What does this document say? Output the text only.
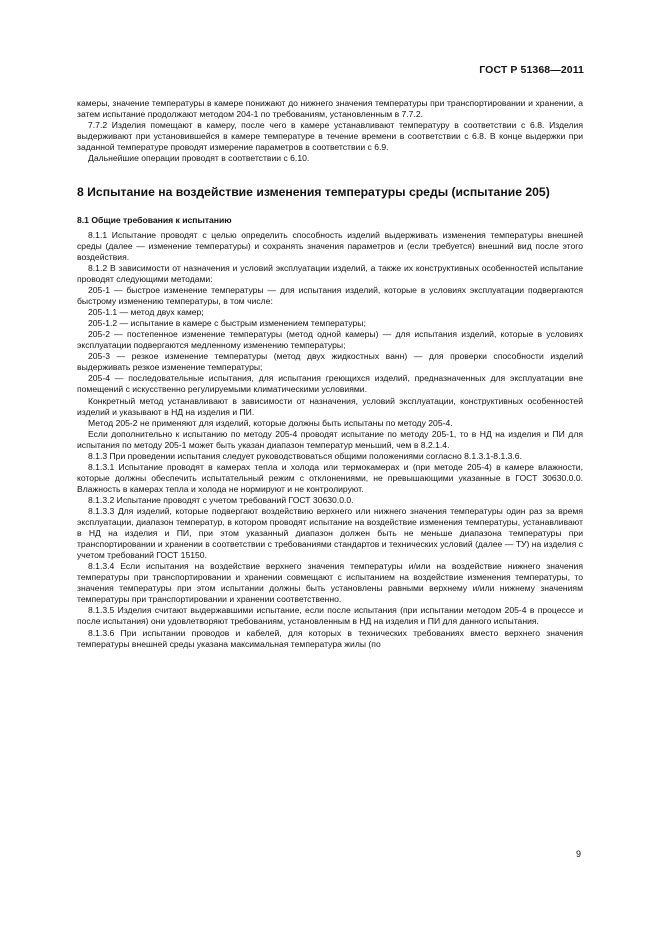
ГОСТ Р 51368—2011

камеры, значение температуры в камере понижают до нижнего значения температуры при транспортировании и хранении, а затем испытание продолжают методом 204-1 по требованиям, установленным в 7.7.2.

7.7.2 Изделия помещают в камеру, после чего в камере устанавливают температуру в соответствии с 6.8. Изделия выдерживают при установившейся в камере температуре в течение времени в соответствии с 6.8. В конце выдержки при заданной температуре проводят измерение параметров в соответствии с 6.9.

Дальнейшие операции проводят в соответствии с 6.10.

8 Испытание на воздействие изменения температуры среды (испытание 205)

8.1 Общие требования к испытанию

8.1.1 Испытание проводят с целью определить способность изделий выдерживать изменения температуры внешней среды (далее — изменение температуры) и сохранять значения параметров и (если требуется) внешний вид после этого воздействия.

8.1.2 В зависимости от назначения и условий эксплуатации изделий, а также их конструктивных особенностей испытание проводят следующими методами:

205-1 — быстрое изменение температуры — для испытания изделий, которые в условиях эксплуатации подвергаются быстрому изменению температуры, в том числе:

205-1.1 — метод двух камер;

205-1.2 — испытание в камере с быстрым изменением температуры;

205-2 — постепенное изменение температуры (метод одной камеры) — для испытания изделий, которые в условиях эксплуатации подвергаются медленному изменению температуры;

205-3 — резкое изменение температуры (метод двух жидкостных ванн) — для проверки способности изделий выдерживать резкое изменение температуры;

205-4 — последовательные испытания, для испытания греющихся изделий, предназначенных для эксплуатации вне помещений с искусственно регулируемыми климатическими условиями.

Конкретный метод устанавливают в зависимости от назначения, условий эксплуатации, конструктивных особенностей изделий и указывают в НД на изделия и ПИ.

Метод 205-2 не применяют для изделий, которые должны быть испытаны по методу 205-4.

Если дополнительно к испытанию по методу 205-4 проводят испытание по методу 205-1, то в НД на изделия и ПИ для испытания по методу 205-1 может быть указан диапазон температур меньший, чем в 8.2.1.4.

8.1.3 При проведении испытания следует руководствоваться общими положениями согласно 8.1.3.1-8.1.3.6.

8.1.3.1 Испытание проводят в камерах тепла и холода или термокамерах и (при методе 205-4) в камере влажности, которые должны обеспечить испытательный режим с отклонениями, не превышающими указанные в ГОСТ 30630.0.0. Влажность в камерах тепла и холода не нормируют и не контролируют.

8.1.3.2 Испытание проводят с учетом требований ГОСТ 30630.0.0.

8.1.3.3 Для изделий, которые подвергают воздействию верхнего или нижнего значения температуры один раз за время эксплуатации, диапазон температур, в котором проводят испытание на воздействие изменения температуры, устанавливают в НД на изделия и ПИ, при этом указанный диапазон должен быть не меньше диапазона температуры при транспортировании и хранении в соответствии с требованиями стандартов и технических условий (далее — ТУ) на изделия с учетом требований ГОСТ 15150.

8.1.3.4 Если испытания на воздействие верхнего значения температуры и/или на воздействие нижнего значения температуры при транспортировании и хранении совмещают с испытанием на воздействие изменения температуры, то значения температуры при этом испытании должны быть установлены равными верхнему и/или нижнему значениям температуры при транспортировании и хранении соответственно.

8.1.3.5 Изделия считают выдержавшими испытание, если после испытания (при испытании методом 205-4 в процессе и после испытания) они удовлетворяют требованиям, установленным в НД на изделия и ПИ для данного испытания.

8.1.3.6 При испытании проводов и кабелей, для которых в технических требованиях вместо верхнего значения температуры внешней среды указана максимальная температура жилы (по

9
